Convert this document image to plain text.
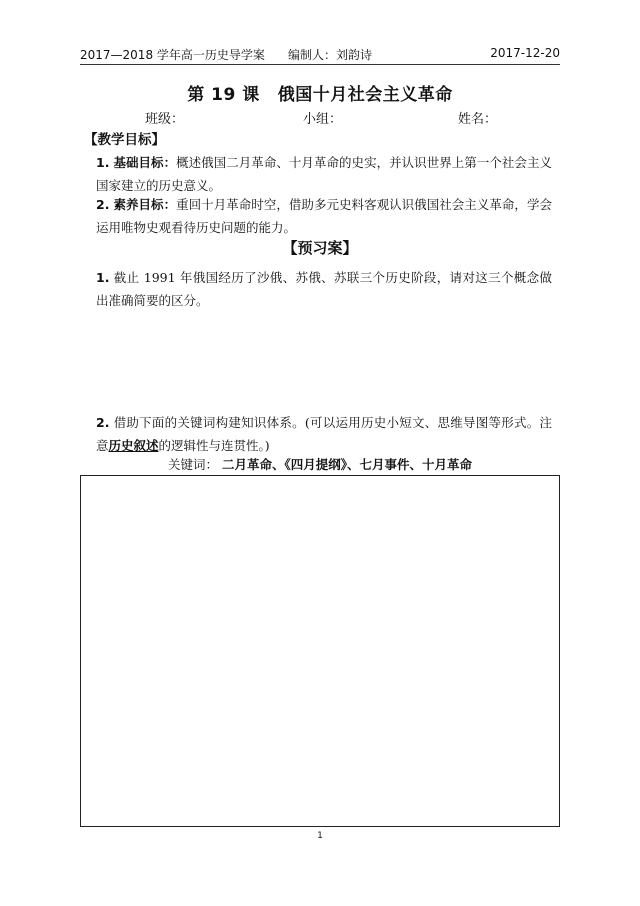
2017—2018 学年高一历史导学案 编制人：刘韵诗	2017-12-20
第 19 课 俄国十月社会主义革命
班级：	小组：	姓名：
【教学目标】
1. 基础目标：概述俄国二月革命、十月革命的史实，并认识世界上第一个社会主义国家建立的历史意义。
2. 素养目标：重回十月革命时空，借助多元史料客观认识俄国社会主义革命，学会运用唯物史观看待历史问题的能力。
【预习案】
1. 截止 1991 年俄国经历了沙俄、苏俄、苏联三个历史阶段，请对这三个概念做出准确简要的区分。
2. 借助下面的关键词构建知识体系。(可以运用历史小短文、思维导图等形式。注意历史叙述的逻辑性与连贯性。)
关键词： 二月革命、《四月提纲》、七月事件、十月革命
1
